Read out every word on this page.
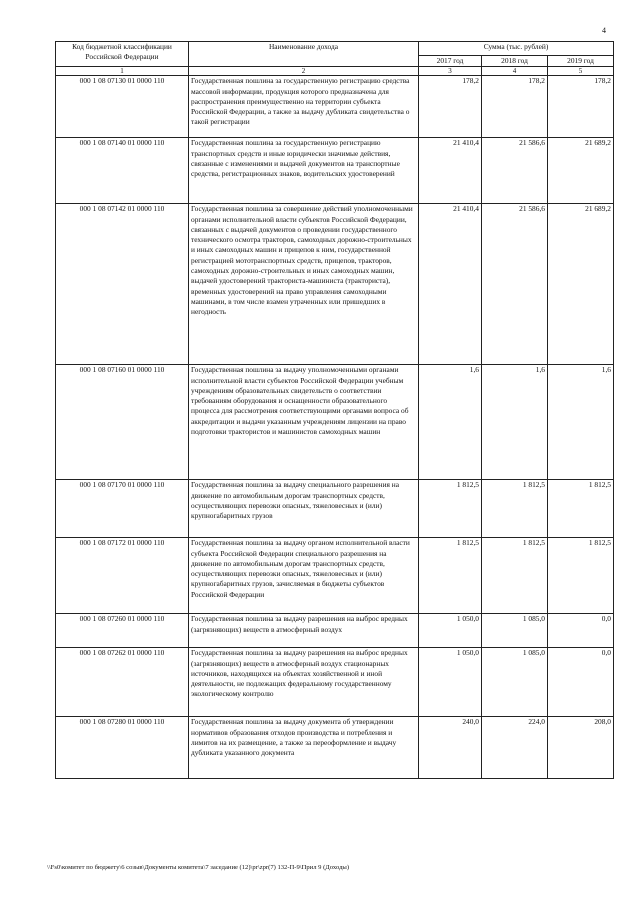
4
Код бюджетной классификации Российской Федерации	Наименование дохода	Сумма (тыс. рублей)		
		2017 год	2018 год	2019 год
1	2	3	4	5
000 1 08 07130 01 0000 110	Государственная пошлина за государственную регистрацию средства массовой информации, продукция которого предназначена для распространения преимущественно на территории субъекта Российской Федерации, а также за выдачу дубликата свидетельства о такой регистрации	178,2	178,2	178,2
000 1 08 07140 01 0000 110	Государственная пошлина за государственную регистрацию транспортных средств и иные юридически значимые действия, связанные с изменениями и выдачей документов на транспортные средства, регистрационных знаков, водительских удостоверений	21 410,4	21 586,6	21 689,2
000 1 08 07142 01 0000 110	Государственная пошлина за совершение действий уполномоченными органами исполнительной власти субъектов Российской Федерации, связанных с выдачей документов о проведении государственного технического осмотра тракторов, самоходных дорожно-строительных и иных самоходных машин и прицепов к ним, государственной регистрацией мототранспортных средств, прицепов, тракторов, самоходных дорожно-строительных и иных самоходных машин, выдачей удостоверений тракториста-машиниста (тракториста), временных удостоверений на право управления самоходными машинами, в том числе взамен утраченных или пришедших в негодность	21 410,4	21 586,6	21 689,2
000 1 08 07160 01 0000 110	Государственная пошлина за выдачу уполномоченными органами исполнительной власти субъектов Российской Федерации учебным учреждениям образовательных свидетельств о соответствии требованиям оборудования и оснащенности образовательного процесса для рассмотрения соответствующими органами вопроса об аккредитации и выдачи указанным учреждениям лицензии на право подготовки трактористов и машинистов самоходных машин	1,6	1,6	1,6
000 1 08 07170 01 0000 110	Государственная пошлина за выдачу специального разрешения на движение по автомобильным дорогам транспортных средств, осуществляющих перевозки опасных, тяжеловесных и (или) крупногабаритных грузов	1 812,5	1 812,5	1 812,5
000 1 08 07172 01 0000 110	Государственная пошлина за выдачу органом исполнительной власти субъекта Российской Федерации специального разрешения на движение по автомобильным дорогам транспортных средств, осуществляющих перевозки опасных, тяжеловесных и (или) крупногабаритных грузов, зачисляемая в бюджеты субъектов Российской Федерации	1 812,5	1 812,5	1 812,5
000 1 08 07260 01 0000 110	Государственная пошлина за выдачу разрешения на выброс вредных (загрязняющих) веществ в атмосферный воздух	1 050,0	1 085,0	0,0
000 1 08 07262 01 0000 110	Государственная пошлина за выдачу разрешения на выброс вредных (загрязняющих) веществ в атмосферный воздух стационарных источников, находящихся на объектах хозяйственной и иной деятельности, не подлежащих федеральному государственному экологическому контролю	1 050,0	1 085,0	0,0
000 1 08 07280 01 0000 110	Государственная пошлина за выдачу документа об утверждении нормативов образования отходов производства и потребления и лимитов на их размещение, а также за переоформление и выдачу дубликата указанного документа	240,0	224,0	208,0
\\Fs0\комитет по бюджету\6 созыв\Документы комитета\7 заседание (12)\pr\zpr(7) 132-П-9\Прил 9 (Доходы)
